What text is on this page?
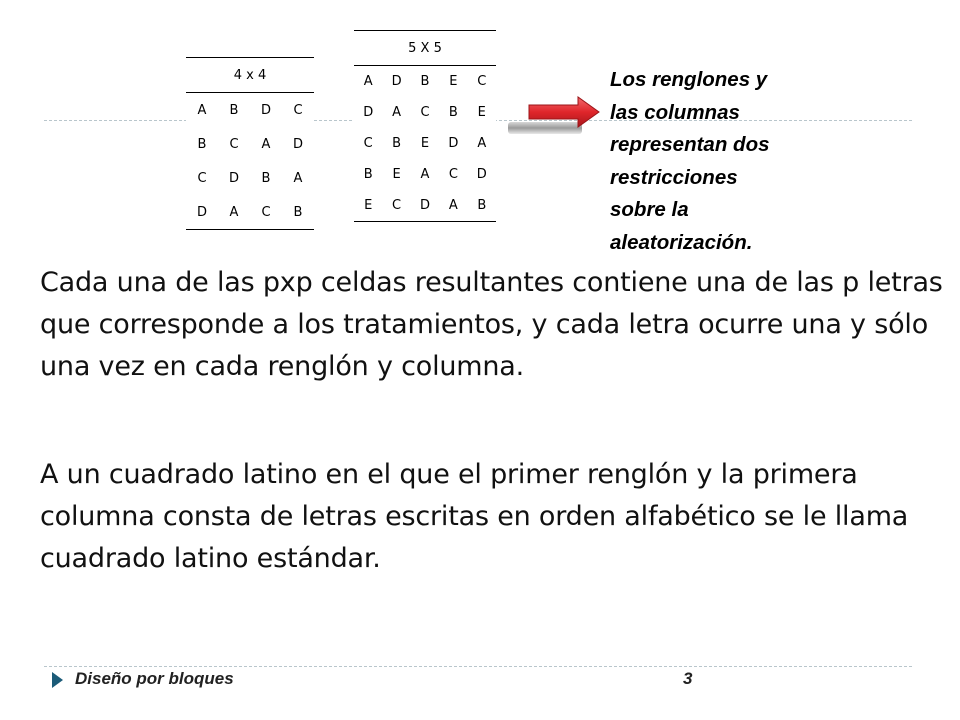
4 x 4			
A	B	D	C
B	C	A	D
C	D	B	A
D	A	C	B
5 X 5				
A	D	B	E	C
D	A	C	B	E
C	B	E	D	A
B	E	A	C	D
E	C	D	A	B
Los renglones y
las columnas
representan dos
restricciones
sobre la
aleatorización.

Cada una de las pxp celdas resultantes contiene una de las p letras que corresponde a los tratamientos, y cada letra ocurre una y sólo una vez en cada renglón y columna.

A un cuadrado latino en el que el primer renglón y la primera columna consta de letras escritas en orden alfabético se le llama cuadrado latino estándar.

Diseño por bloques	3
